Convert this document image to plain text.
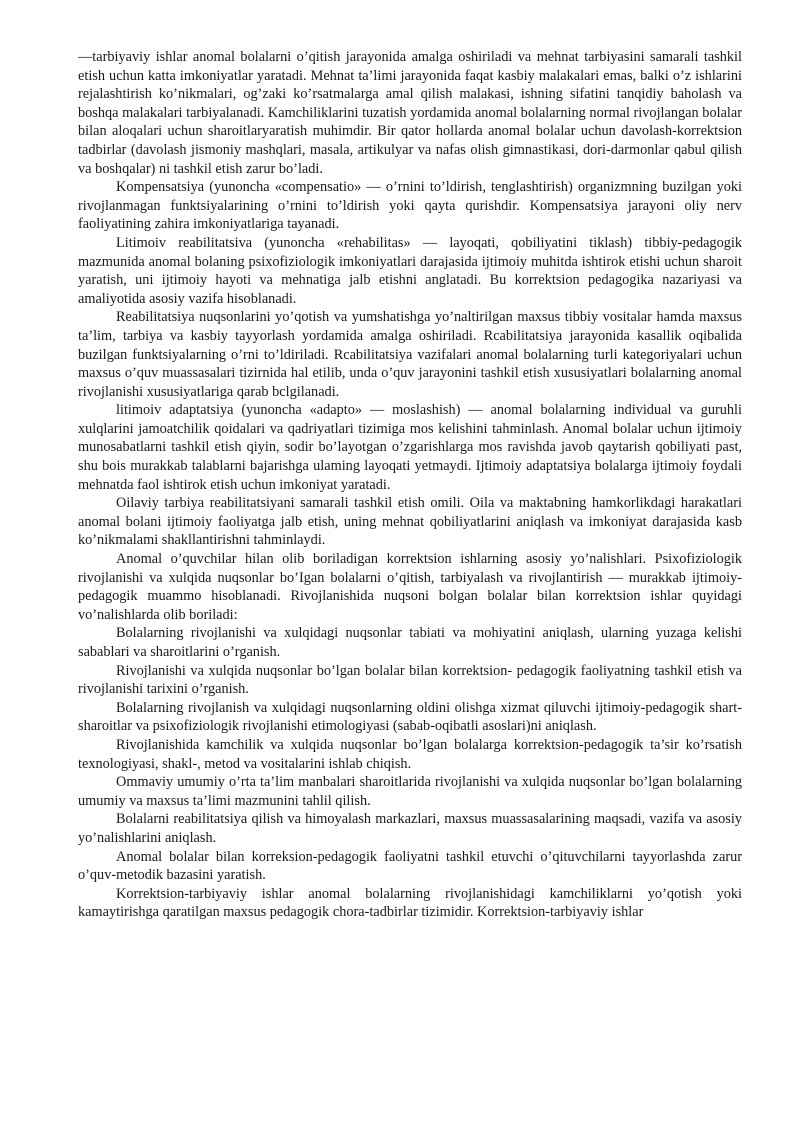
—tarbiyaviy ishlar anomal bolalarni o’qitish jarayonida amalga oshiriladi va mehnat tarbiyasini samarali tashkil etish uchun katta imkoniyatlar yaratadi. Mehnat ta’limi jarayonida faqat kasbiy malakalari emas, balki o’z ishlarini rejalashtirish ko’nikmalari, og’zaki ko’rsatmalarga amal qilish malakasi, ishning sifatini tanqidiy baholash va boshqa malakalari tarbiyalanadi. Kamchiliklarini tuzatish yordamida anomal bolalarning normal rivojlangan bolalar bilan aloqalari uchun sharoitlaryaratish muhimdir. Bir qator hollarda anomal bolalar uchun davolash-korrektsion tadbirlar (davolash jismoniy mashqlari, masala, artikulyar va nafas olish gimnastikasi, dori-darmonlar qabul qilish va boshqalar) ni tashkil etish zarur bo’ladi.

Kompensatsiya (yunoncha «compensatio» — o’rnini to’ldirish, tenglashtirish) organizmning buzilgan yoki rivojlanmagan funktsiyalarining o’rnini to’ldirish yoki qayta qurishdir. Kompensatsiya jarayoni oliy nerv faoliyatining zahira imkoniyatlariga tayanadi.

Litimoiv reabilitatsiva (yunoncha «rehabilitas» — layoqati, qobiliyatini tiklash) tibbiy-pedagogik mazmunida anomal bolaning psixofiziologik imkoniyatlari darajasida ijtimoiy muhitda ishtirok etishi uchun sharoit yaratish, uni ijtimoiy hayoti va mehnatiga jalb etishni anglatadi. Bu korrektsion pedagogika nazariyasi va amaliyotida asosiy vazifa hisoblanadi.

Reabilitatsiya nuqsonlarini yo’qotish va yumshatishga yo’naltirilgan maxsus tibbiy vositalar hamda maxsus ta’lim, tarbiya va kasbiy tayyorlash yordamida amalga oshiriladi. Rcabilitatsiya jarayonida kasallik oqibalida buzilgan funktsiyalarning o’rni to’ldiriladi. Rcabilitatsiya vazifalari anomal bolalarning turli kategoriyalari uchun maxsus o’quv muassasalari tizirnida hal etilib, unda o’quv jarayonini tashkil etish xususiyatlari bolalarning anomal rivojlanishi xususiyatlariga qarab bclgilanadi.

litimoiv adaptatsiya (yunoncha «adapto» — moslashish) — anomal bolalarning individual va guruhli xulqlarini jamoatchilik qoidalari va qadriyatlari tizimiga mos kelishini tahminlash. Anomal bolalar uchun ijtimoiy munosabatlarni tashkil etish qiyin, sodir bo’layotgan o’zgarishlarga mos ravishda javob qaytarish qobiliyati past, shu bois murakkab talablarni bajarishga ulaming layoqati yetmaydi. Ijtimoiy adaptatsiya bolalarga ijtimoiy foydali mehnatda faol ishtirok etish uchun imkoniyat yaratadi.

Oilaviy tarbiya reabilitatsiyani samarali tashkil etish omili. Oila va maktabning hamkorlikdagi harakatlari anomal bolani ijtimoiy faoliyatga jalb etish, uning mehnat qobiliyatlarini aniqlash va imkoniyat darajasida kasb ko’nikmalami shakllantirishni tahminlaydi.

Anomal o’quvchilar hilan olib boriladigan korrektsion ishlarning asosiy yo’nalishlari. Psixofiziologik rivojlanishi va xulqida nuqsonlar bo’Igan bolalarni o’qitish, tarbiyalash va rivojlantirish — murakkab ijtimoiy- pedagogik muammo hisoblanadi. Rivojlanishida nuqsoni bolgan bolalar bilan korrektsion ishlar quyidagi vo’nalishlarda olib boriladi:

Bolalarning rivojlanishi va xulqidagi nuqsonlar tabiati va mohiyatini aniqlash, ularning yuzaga kelishi sabablari va sharoitlarini o’rganish.

Rivojlanishi va xulqida nuqsonlar bo’lgan bolalar bilan korrektsion- pedagogik faoliyatning tashkil etish va rivojlanishi tarixini o’rganish.

Bolalarning rivojlanish va xulqidagi nuqsonlarning oldini olishga xizmat qiluvchi ijtimoiy-pedagogik shart-sharoitlar va psixofiziologik rivojlanishi etimologiyasi (sabab-oqibatli asoslari)ni aniqlash.

Rivojlanishida kamchilik va xulqida nuqsonlar bo’lgan bolalarga korrektsion-pedagogik ta’sir ko’rsatish texnologiyasi, shakl-, metod va vositalarini ishlab chiqish.

Ommaviy umumiy o’rta ta’lim manbalari sharoitlarida rivojlanishi va xulqida nuqsonlar bo’lgan bolalarning umumiy va maxsus ta’limi mazmunini tahlil qilish.

Bolalarni reabilitatsiya qilish va himoyalash markazlari, maxsus muassasalarining maqsadi, vazifa va asosiy yo’nalishlarini aniqlash.

Anomal bolalar bilan korreksion-pedagogik faoliyatni tashkil etuvchi o’qituvchilarni tayyorlashda zarur o’quv-metodik bazasini yaratish.

Korrektsion-tarbiyaviy ishlar anomal bolalarning rivojlanishidagi kamchiliklarni yo’qotish yoki kamaytirishga qaratilgan maxsus pedagogik chora-tadbirlar tizimidir. Korrektsion-tarbiyaviy ishlar
